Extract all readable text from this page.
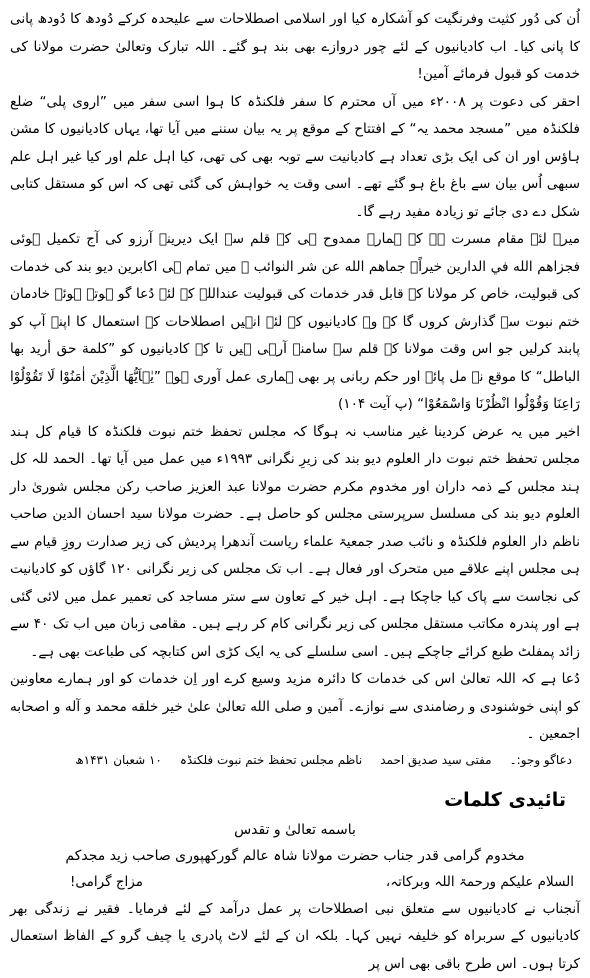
اُن کی دُور کثیت وفرنگیت کو آشکارہ کیا اور اسلامی اصطلاحات سے علیحدہ کرکے دُودھ کا دُودھ پانی کا پانی کیا۔ اب کادیانیوں کے لئے چور دروازے بھی بند ہو گئے۔ اللہ تبارک وتعالیٰ حضرت مولانا کی خدمت کو قبول فرمائے آمین!

احقر کی دعوت پر ۲۰۰۸ء میں آں محترم کا سفر فلکنڈہ کا ہوا اسی سفر میں ”اروی پلی“ ضلع فلکنڈہ میں ”مسجد محمد یہ“ کے افتتاح کے موقع پر یہ بیان سننے میں آیا تھا، یہاں کادیانیوں کا مشن ہاؤس اور ان کی ایک بڑی تعداد ہے کادیانیت سے توبہ بھی کی تھی، کیا اہل علم اور کیا غیر اہل علم سبھی اُس بیان سے باغ باغ ہو گئے تھے۔ اسی وقت یہ خواہش کی گئی تھی کہ اس کو مستقل کتابی شکل دے دی جائے تو زیادہ مفید رہے گا۔

میرے لئے مقام مسرت ہے کہ ہمارے ممدوح ہی کے قلم سے ایک دیرینہ آرزو کی آج تکمیل ہوئی فجزاهم الله في الدارين خيراً۔ جماهم الله عن شر النوائب ۔ میں تمام ہی اکابرین دیو بند کی خدمات کی قبولیت، خاص کر مولانا کے قابل قدر خدمات کی قبولیت عنداللہ کے لئے دُعا گو ہوتے ہوئے خادمان ختم نبوت سے گذارش کروں گا کہ وہ کادیانیوں کے لئے انہیں اصطلاحات کے استعمال کا اپنے آپ کو پابند کرلیں جو اس وقت مولانا کے قلم سے سامنے آرہی ہیں تا کہ کادیانیوں کو ”كلمة حق أريد بها الباطل“ کا موقع نہ مل پائے اور حکم ربانی پر بھی ہماری عمل آوری ہو۔ ”يٰۤاَيُّهَا الَّذِيْنَ اٰمَنُوْا لَا تَقُوْلُوْا رَاعِنَا وَقُوْلُوا انْظُرْنَا وَاسْمَعُوْا“ (پ آیت ۱۰۴)

اخیر میں یہ عرض کردینا غیر مناسب نہ ہوگا کہ مجلس تحفظ ختم نبوت فلکنڈہ کا قیام کل ہند مجلس تحفظ ختم نبوت دار العلوم دیو بند کی زیرِ نگرانی ۱۹۹۳ء میں عمل میں آیا تھا۔ الحمد للہ کل ہند مجلس کے ذمہ داران اور مخدوم مکرم حضرت مولانا عبد العزیز صاحب رکن مجلس شوریٰ دار العلوم دیو بند کی مسلسل سرپرستی مجلس کو حاصل ہے۔ حضرت مولانا سید احسان الدین صاحب ناظم دار العلوم فلکنڈہ و نائب صدر جمعیۃ علماء ریاست آندھرا پردیش کی زیر صدارت روزِ قیام سے ہی مجلس اپنے علاقے میں متحرک اور فعال ہے۔ اب تک مجلس کی زیر نگرانی ۱۲۰ گاؤں کو کادیانیت کی نجاست سے پاک کیا جاچکا ہے۔ اہل خیر کے تعاون سے ستر مساجد کی تعمیر عمل میں لائی گئی ہے اور پندرہ مکاتب مستقل مجلس کی زیر نگرانی کام کر رہے ہیں۔ مقامی زبان میں اب تک ۴۰ سے زائد پمفلٹ طبع کرائے جاچکے ہیں۔ اسی سلسلے کی یہ ایک کڑی اس کتابچہ کی طباعت بھی ہے۔

دُعا ہے کہ اللہ تعالیٰ اس کی خدمات کا دائرہ مزید وسیع کرے اور اِن خدمات کو اور ہمارے معاونین کو اپنی خوشنودی و رضامندی سے نوازے۔ آمین و صلى الله تعالىٰ علىٰ خير خلقه محمد و آله و اصحابه اجمعين ۔

دعاگو وجو:۔
مفتی سید صدیق احمد
ناظم مجلس تحفظ ختم نبوت فلکنڈہ
۱۰ شعبان ۱۴۳۱ھ
تائیدی کلمات

باسمه تعالیٰ و تقدس

مخدوم گرامی قدر جناب حضرت مولانا شاہ عالم گورکھپوری صاحب زید مجدکم

السلام علیکم ورحمۃ اللہ وبرکاتہ،
مزاج گرامی!

آنجناب نے کادیانیوں سے متعلق نبی اصطلاحات پر عمل درآمد کے لئے فرمایا۔ فقیر نے زندگی بھر کادیانیوں کے سربراہ کو خلیفہ نہیں کہا۔ بلکہ ان کے لئے لاٹ پادری یا چیف گرو کے الفاظ استعمال کرتا ہوں۔ اس طرح باقی بھی اس پر
